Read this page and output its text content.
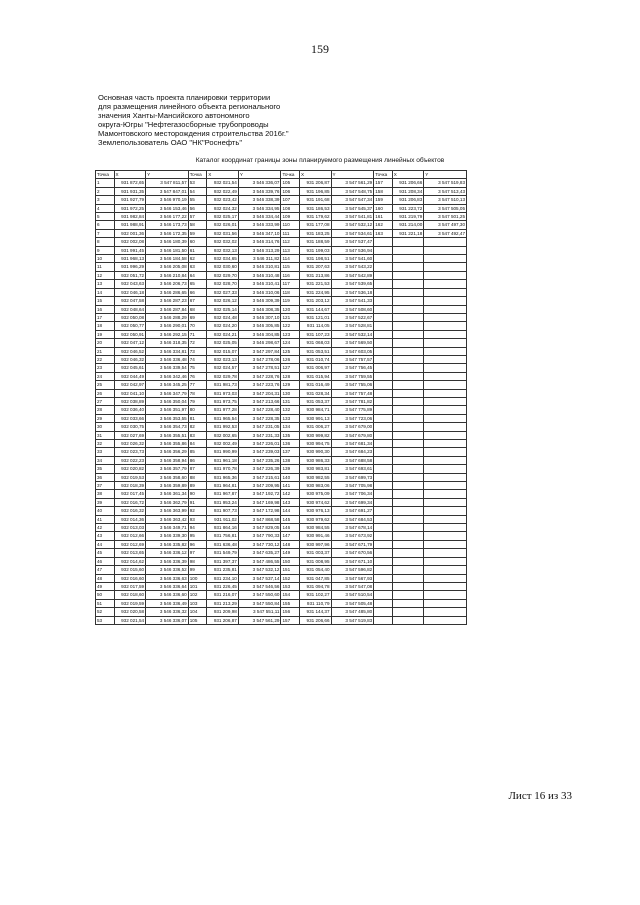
159
Основная часть проекта планировки территории
для размещения линейного объекта регионального
значения Ханты-Мансийского автономного
округа-Югры "Нефтегазосборные трубопроводы
Мамонтовского месторождения строительства 2016г."
Землепользователь ОАО "НК"Роснефть"
Каталог координат границы зоны планируемого размещения линейных объектов
Точка	X	Y	Точка	X	Y	Точка	X	Y	Точка	X	Y
1	931 872,65	3 547 811,57	53	932 021,54	3 546 336,07	105	931 206,87	3 547 561,29	157	931 206,66	3 547 519,83
2	931 931,35	3 547 847,01	54	932 022,49	3 546 339,76	106	931 196,85	3 547 548,75	158	931 208,34	3 547 513,43
3	931 927,79	3 546 970,19	55	932 023,42	3 546 338,39	107	931 191,68	3 547 547,34	159	931 206,83	3 547 510,13
4	931 972,25	3 546 153,46	56	932 024,32	3 546 334,95	108	931 186,53	3 547 545,37	160	931 223,72	3 547 505,05
5	931 982,84	3 546 177,22	57	932 025,17	3 546 334,44	109	931 179,62	3 547 541,81	161	931 219,79	3 547 501,25
6	931 988,91	3 546 173,73	58	932 026,01	3 546 333,99	110	931 177,08	3 547 532,12	162	931 214,00	3 547 497,30
7	932 001,36	3 546 172,35	59	932 031,56	3 546 347,10	111	931 183,25	3 547 534,61	163	931 221,18	3 547 492,47
8	932 002,08	3 546 180,39	60	932 032,02	3 546 314,76	112	931 188,59	3 547 537,47			
9	931 991,45	3 546 181,50	61	932 032,13	3 546 313,29	113	931 199,03	3 547 536,94			
10	931 968,13	3 546 184,58	62	932 034,65	3 546 311,82	114	931 198,51	3 547 541,60			
11	931 996,29	3 546 205,08	63	932 030,60	3 546 310,81	115	931 207,63	3 547 543,22			
12	932 051,72	3 546 210,84	64	932 029,70	3 546 310,48	116	931 213,86	3 547 542,89			
13	932 043,63	3 546 206,73	65	932 028,70	3 546 310,41	117	931 221,53	3 547 539,65			
14	932 046,18	3 546 286,65	66	932 027,33	3 546 310,06	118	931 224,95	3 547 536,18			
15	932 047,58	3 546 287,23	67	932 026,12	3 546 309,39	119	931 203,12	3 547 541,33			
16	932 048,64	3 546 287,84	68	932 025,14	3 546 308,35	120	931 144,67	3 547 508,60			
17	932 050,08	3 546 288,29	69	932 024,48	3 546 307,10	121	931 121,01	3 547 522,67			
18	932 050,77	3 546 290,01	70	932 024,20	3 546 305,85	122	931 114,05	3 547 528,81			
19	932 050,91	3 546 292,15	71	932 024,21	3 546 304,85	123	931 107,23	3 547 532,14			
20	932 047,12	3 546 318,35	72	932 025,05	3 546 298,67	124	931 068,03	3 547 569,50			
21	932 046,52	3 546 334,81	73	932 015,07	3 547 297,84	125	931 053,51	3 547 603,05			
22	932 046,32	3 546 336,48	74	932 023,13	3 547 278,06	126	931 010,74	3 547 757,57			
23	932 045,61	3 546 339,54	75	932 024,57	3 547 278,51	127	931 006,97	3 547 756,45			
24	932 044,49	3 546 342,46	76	932 029,78	3 547 228,76	128	931 015,94	3 547 759,55			
25	932 042,97	3 546 345,25	77	931 981,73	3 547 223,76	129	931 016,49	3 547 755,06			
26	932 041,10	3 546 347,79	78	931 973,03	3 547 204,31	130	931 028,34	3 547 757,48			
27	932 038,89	3 546 350,04	79	931 973,75	3 547 213,66	131	931 053,37	3 547 781,82			
28	932 036,40	3 546 351,97	80	931 977,28	3 547 228,40	132	930 984,71	3 547 775,89			
29	932 033,66	3 546 353,55	81	931 965,54	3 547 228,35	133	930 991,13	3 547 723,06			
30	932 030,75	3 546 354,73	82	931 992,53	3 547 231,05	134	931 006,27	3 547 679,00			
31	932 027,69	3 546 355,51	83	932 002,65	3 547 231,33	135	930 999,82	3 547 679,80			
32	932 026,32	3 546 355,86	84	932 002,49	3 547 226,01	136	930 994,75	3 547 681,34			
33	932 023,73	3 546 356,29	85	931 990,99	3 547 239,03	137	930 990,30	3 547 684,23			
34	932 022,23	3 546 358,94	86	931 961,18	3 547 235,26	138	930 986,33	3 547 688,58			
35	932 020,82	3 546 357,79	87	931 970,78	3 547 226,39	139	930 983,81	3 547 693,61			
36	932 019,53	3 546 358,60	88	931 965,36	3 547 215,61	140	930 982,55	3 547 699,73			
37	932 018,39	3 546 359,89	89	931 964,81	3 547 209,95	141	930 983,06	3 547 705,98			
38	932 017,45	3 546 361,34	90	931 967,87	3 547 192,72	142	930 975,09	3 547 706,34			
39	932 016,72	3 546 362,79	91	931 953,24	3 547 169,98	143	930 974,62	3 547 699,34			
40	932 016,32	3 546 363,99	92	931 907,73	3 547 172,98	144	930 976,13	3 547 691,27			
41	932 014,36	3 546 363,42	93	931 911,02	3 547 868,58	145	930 979,62	3 547 684,53			
42	932 013,03	3 546 349,71	94	931 864,16	3 547 829,05	146	930 984,55	3 547 678,14			
43	932 012,66	3 546 339,30	95	931 756,81	3 547 790,33	147	930 991,46	3 547 673,92			
44	932 012,69	3 546 335,82	96	931 636,48	3 547 730,12	148	930 997,96	3 547 671,79			
45	932 013,65	3 546 336,12	97	931 549,79	3 547 635,27	149	931 003,37	3 547 670,56			
46	932 014,62	3 546 336,39	98	931 397,37	3 547 486,55	150	931 008,95	3 547 671,10			
47	932 015,60	3 546 336,52	99	931 235,81	3 547 532,12	151	931 054,40	3 547 596,82			
48	932 016,60	3 546 336,63	100	931 234,10	3 547 537,14	152	931 047,85	3 547 567,93			
49	932 017,59	3 546 336,64	101	931 226,45	3 547 546,56	153	931 094,78	3 547 547,08			
50	932 018,60	3 546 336,60	102	931 216,07	3 547 550,60	154	931 102,27	3 547 510,54			
51	932 019,59	3 546 336,49	103	931 213,29	3 547 550,84	155	931 110,79	3 547 505,48			
52	932 020,58	3 546 336,32	104	931 209,98	3 547 551,11	156	931 144,37	3 547 485,80			
53	932 021,54	3 546 336,07	105	931 206,87	3 547 561,29	157	931 206,66	3 547 519,83			
Лист 16 из 33
